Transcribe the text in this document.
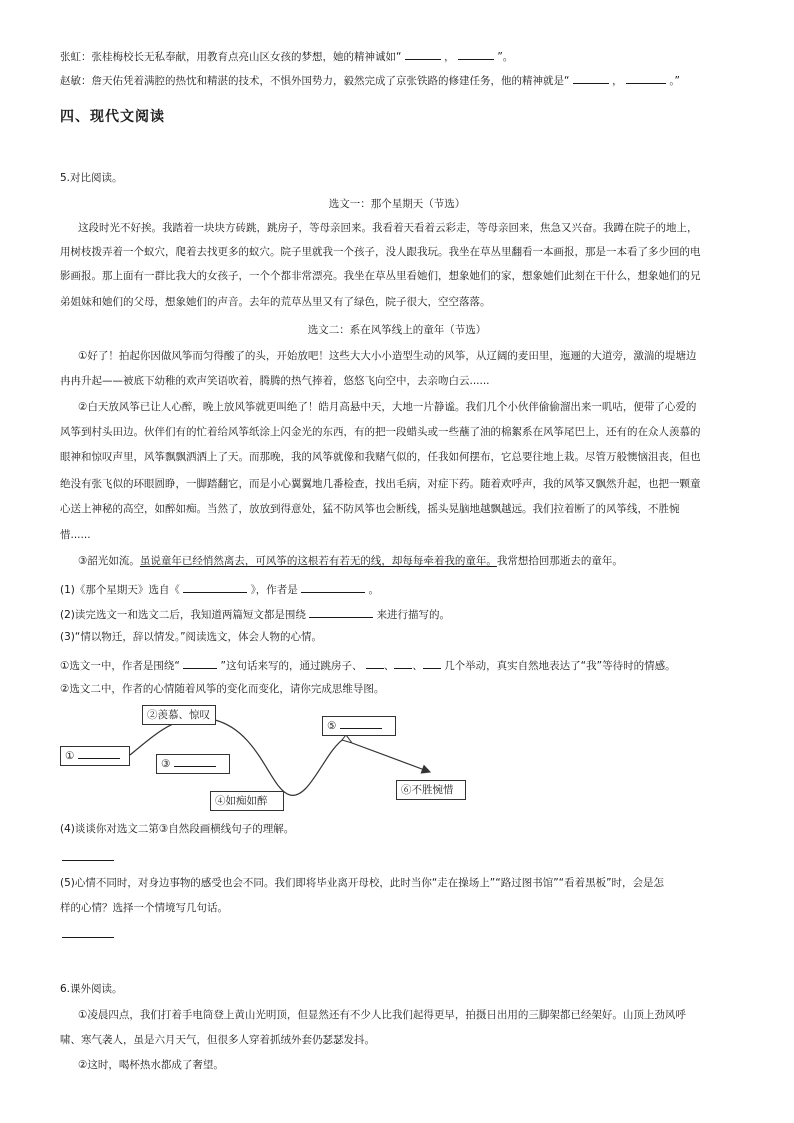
张虹：张桂梅校长无私奉献，用教育点亮山区女孩的梦想，她的精神诚如“	，	”。
赵敏：詹天佑凭着满腔的热忱和精湛的技术，不惧外国势力，毅然完成了京张铁路的修建任务，他的精神就是“	，	。”
四、现代文阅读
5.对比阅读。
选文一：那个星期天（节选）
这段时光不好挨。我踏着一块块方砖跳，跳房子，等母亲回来。我看着天看着云彩走，等母亲回来，焦急又兴奋。我蹲在院子的地上，
用树枝拨弄着一个蚁穴，爬着去找更多的蚁穴。院子里就我一个孩子，没人跟我玩。我坐在草丛里翻看一本画报，那是一本看了多少回的电
影画报。那上面有一群比我大的女孩子，一个个都非常漂亮。我坐在草丛里看她们，想象她们的家，想象她们此刻在干什么，想象她们的兄
弟姐妹和她们的父母，想象她们的声音。去年的荒草丛里又有了绿色，院子很大，空空落落。
选文二：系在风筝线上的童年（节选）
①好了！拍起你因做风筝而匀得酸了的头，开始放吧！这些大大小小造型生动的风筝，从辽阔的麦田里，迤逦的大道旁，激湍的堤塘边
冉冉升起——被底下幼稚的欢声笑语吹着，腾腾的热气捧着，悠悠飞向空中，去亲吻白云......
②白天放风筝已让人心醉，晚上放风筝就更叫绝了！皓月高悬中天，大地一片静谧。我们几个小伙伴偷偷溜出来一叽咕，便带了心爱的
风筝到村头田边。伙伴们有的忙着给风筝纸涂上闪金光的东西，有的把一段蜡头或一些蘸了油的棉絮系在风筝尾巴上，还有的在众人羡慕的
眼神和惊叹声里，风筝飘飘洒洒上了天。而那晚，我的风筝就像和我赌气似的，任我如何摆布，它总要往地上栽。尽管万般懊恼沮丧，但也
绝没有张飞似的环眼圆睁，一脚踏翻它，而是小心翼翼地几番检查，找出毛病，对症下药。随着欢呼声，我的风筝又飘然升起，也把一颗童
心送上神秘的高空，如醉如痴。当然了，放放到得意处，猛不防风筝也会断线，摇头晃脑地越飘越远。我们拉着断了的风筝线，不胜惋
惜......
③韶光如流。虽说童年已经悄然离去，可风筝的这根若有若无的线，却每每牵着我的童年。我常想拾回那逝去的童年。
(1)《那个星期天》选自《	》，作者是	。
(2)读完选文一和选文二后，我知道两篇短文都是围绕	来进行描写的。
(3)“情以物迁，辞以情发。”阅读选文，体会人物的心情。
①选文一中，作者是围绕“	”这句话来写的，通过跳房子、 、 、 几个举动，真实自然地表达了“我”等待时的情感。
②选文二中，作者的心情随着风筝的变化而变化，请你完成思维导图。
①
②羡慕、惊叹
③
④如痴如醉
⑤
⑥不胜惋惜
(4)谈谈你对选文二第③自然段画横线句子的理解。
(5)心情不同时，对身边事物的感受也会不同。我们即将毕业离开母校，此时当你“走在操场上”“路过图书馆”“看着黑板”时，会是怎
样的心情？选择一个情境写几句话。
6.课外阅读。
①凌晨四点，我们打着手电筒登上黄山光明顶，但显然还有不少人比我们起得更早，拍摄日出用的三脚架都已经架好。山顶上劲风呼
啸、寒气袭人，虽是六月天气，但很多人穿着抓绒外套仍瑟瑟发抖。
②这时，喝杯热水都成了奢望。
